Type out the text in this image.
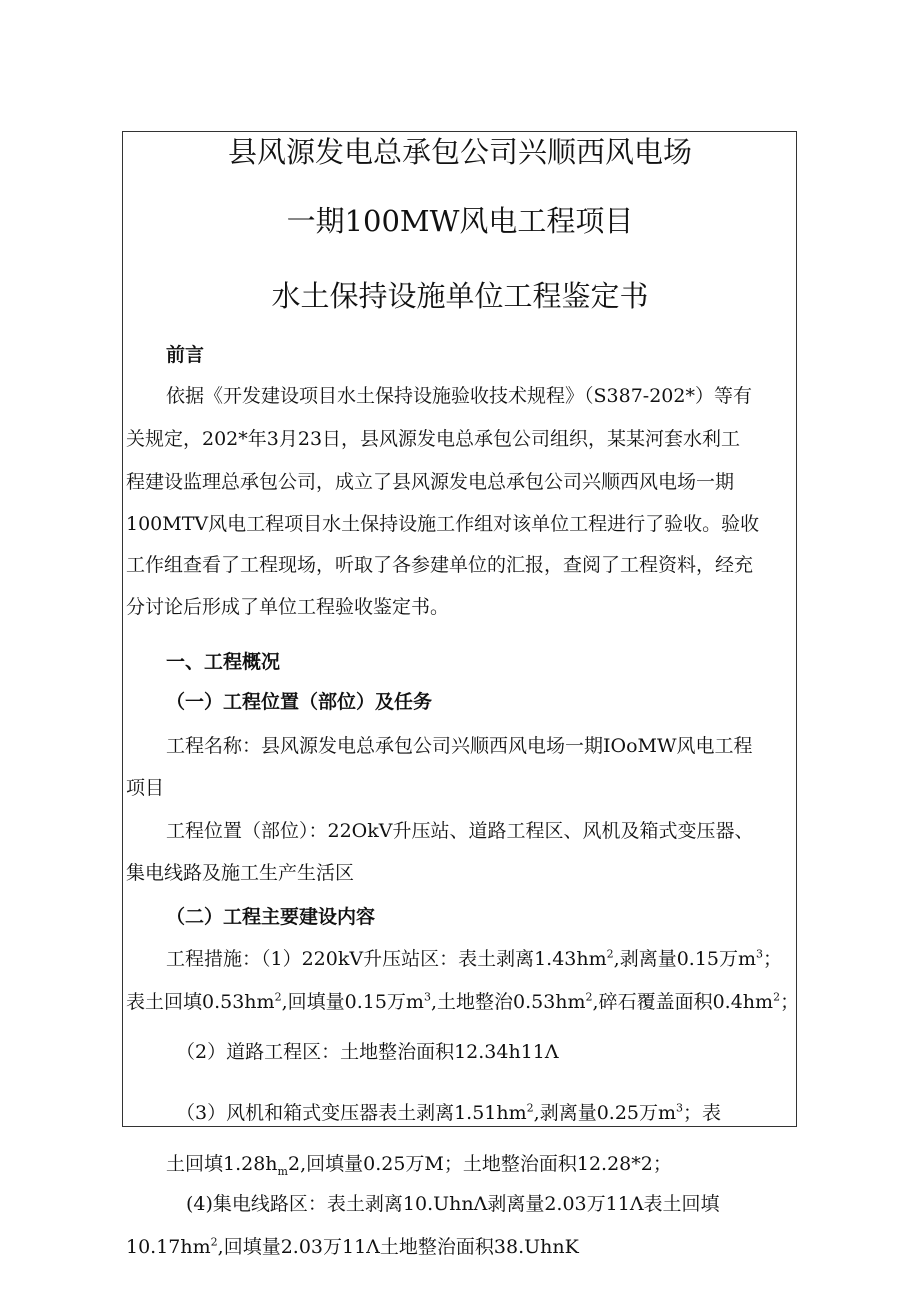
县风源发电总承包公司兴顺西风电场
一期100MW风电工程项目
水土保持设施单位工程鉴定书
前言
依据《开发建设项目水土保持设施验收技术规程》（S387-202*）等有
关规定，202*年3月23日，县风源发电总承包公司组织，某某河套水利工
程建设监理总承包公司，成立了县风源发电总承包公司兴顺西风电场一期
100MTV风电工程项目水土保持设施工作组对该单位工程进行了验收。验收
工作组查看了工程现场，听取了各参建单位的汇报，查阅了工程资料，经充
分讨论后形成了单位工程验收鉴定书。
一、工程概况
（一）工程位置（部位）及任务
工程名称：县风源发电总承包公司兴顺西风电场一期IOoMW风电工程
项目
工程位置（部位）：22OkV升压站、道路工程区、风机及箱式变压器、
集电线路及施工生产生活区
（二）工程主要建设内容
工程措施：（1）220kV升压站区：表土剥离$1.43hm^2$,剥离量0.15万$m^3$；
表土回填$0.53hm^2$,回填量0.15万$m^3$,土地整治$0.53hm^2$,碎石覆盖面积$0.4hm^2$；
（2）道路工程区：土地整治面积12.34h11Λ
（3）风机和箱式变压器表土剥离$1.51hm^2$,剥离量0.25万$m^3$；表
土回填$1.28h_m2$,回填量0.25万M；土地整治面积12.28*2；
(4)集电线路区：表土剥离10.UhnΛ剥离量2.03万11Λ表土回填
$10.17hm^2$,回填量2.03万11Λ土地整治面积38.UhnK
